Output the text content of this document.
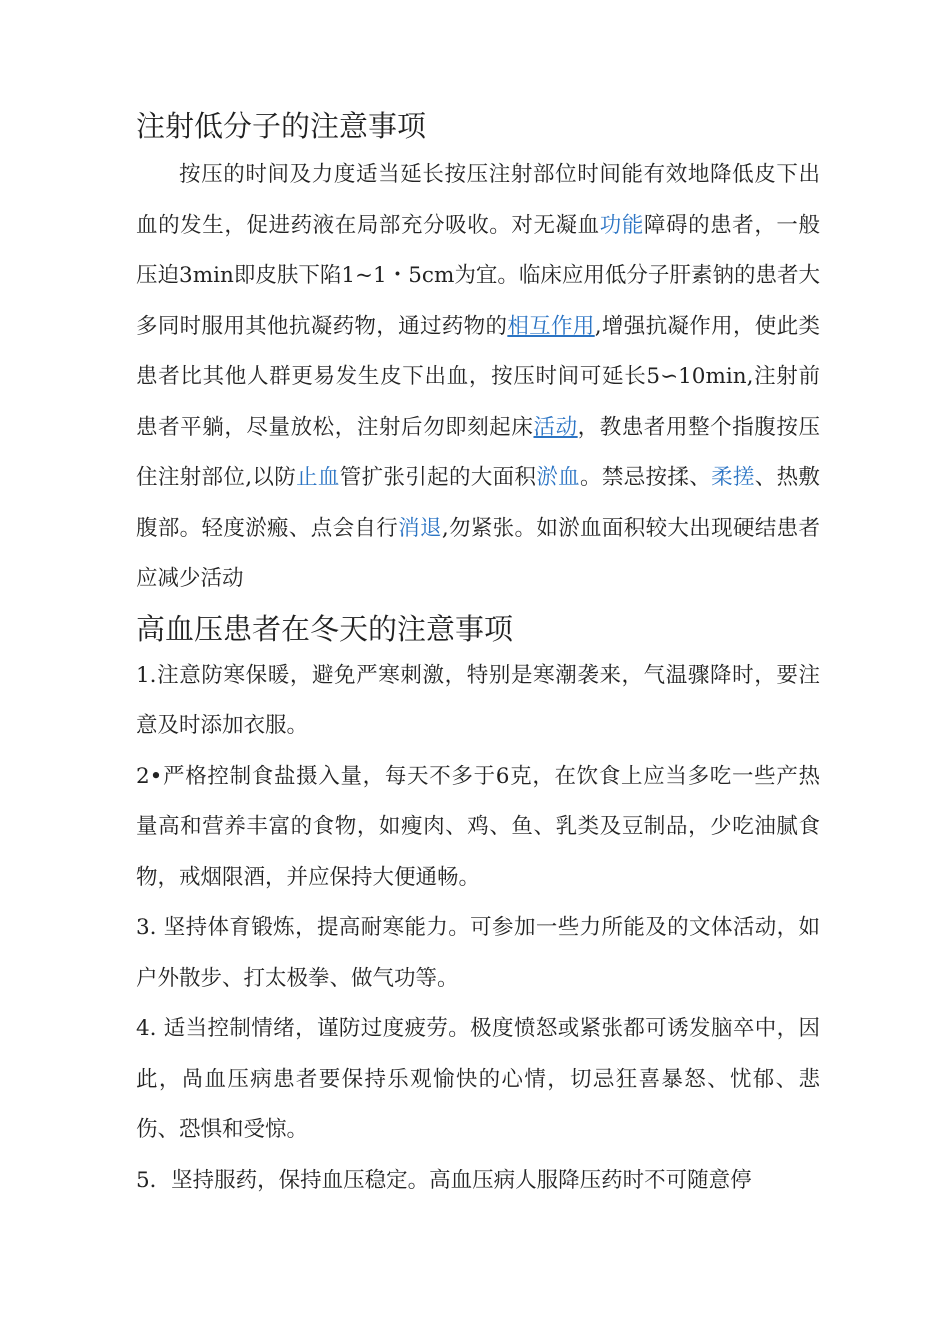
注射低分子的注意事项

按压的时间及力度适当延长按压注射部位时间能有效地降低皮下出血的发生，促进药液在局部充分吸收。对无凝血功能障碍的患者，一般压迫3min即皮肤下陷1~1・5cm为宜。临床应用低分子肝素钠的患者大多同时服用其他抗凝药物，通过药物的相互作用,增强抗凝作用，使此类患者比其他人群更易发生皮下出血，按压时间可延长5∽10min,注射前患者平躺，尽量放松，注射后勿即刻起床活动，教患者用整个指腹按压住注射部位,以防止血管扩张引起的大面积淤血。禁忌按揉、柔搓、热敷腹部。轻度淤瘢、点会自行消退,勿紧张。如淤血面积较大出现硬结患者应减少活动

高血压患者在冬天的注意事项

1.注意防寒保暖，避免严寒刺激，特别是寒潮袭来，气温骤降时，要注意及时添加衣服。

2•严格控制食盐摄入量，每天不多于6克，在饮食上应当多吃一些产热量高和营养丰富的食物，如瘦肉、鸡、鱼、乳类及豆制品，少吃油腻食物，戒烟限酒，并应保持大便通畅。

3. 坚持体育锻炼，提高耐寒能力。可参加一些力所能及的文体活动，如户外散步、打太极拳、做气功等。

4. 适当控制情绪，谨防过度疲劳。极度愤怒或紧张都可诱发脑卒中，因此，咼血压病患者要保持乐观愉快的心情，切忌狂喜暴怒、忧郁、悲伤、恐惧和受惊。

5．坚持服药，保持血压稳定。高血压病人服降压药时不可随意停
